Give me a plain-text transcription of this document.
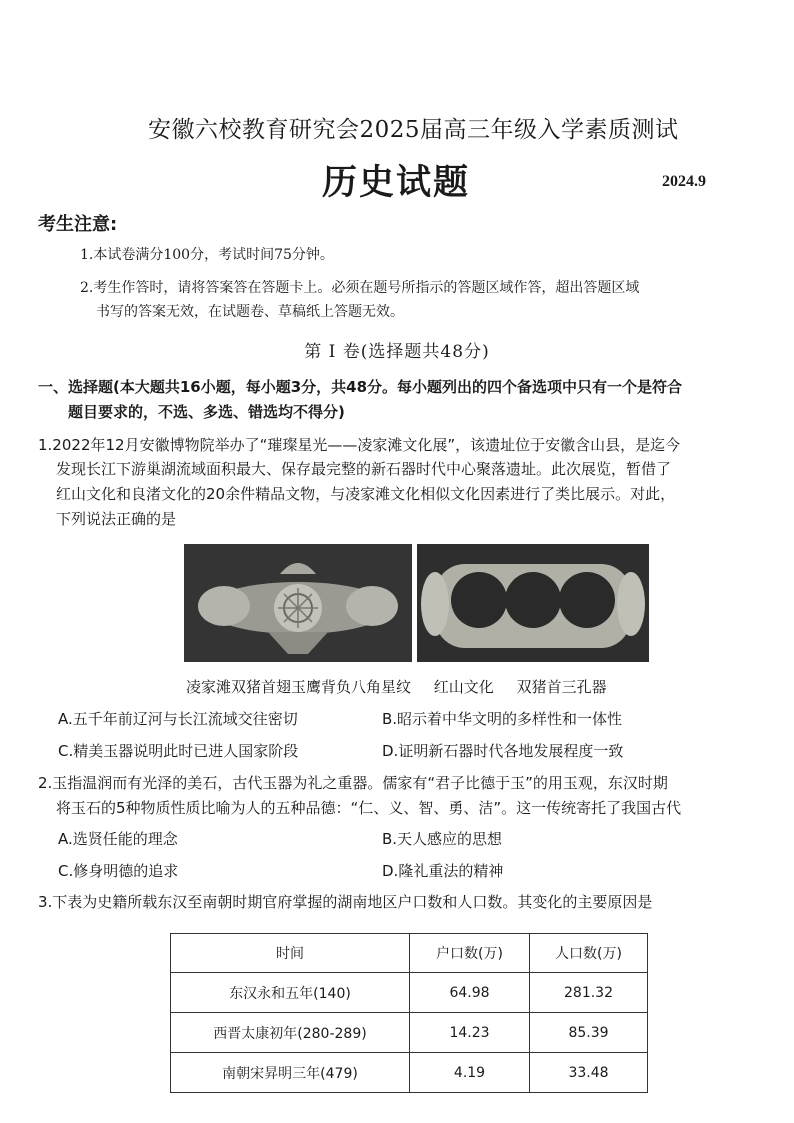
安徽六校教育研究会2025届高三年级入学素质测试
历史试题	2024.9
考生注意:
1.本试卷满分100分，考试时间75分钟。
2.考生作答时，请将答案答在答题卡上。必须在题号所指示的答题区域作答，超出答题区域
书写的答案无效，在试题卷、草稿纸上答题无效。
第 I 卷(选择题共48分)
一、选择题(本大题共16小题，每小题3分，共48分。每小题列出的四个备选项中只有一个是符合
题目要求的，不选、多选、错选均不得分)
1.2022年12月安徽博物院举办了“璀璨星光——凌家滩文化展”，该遗址位于安徽含山县，是迄今
发现长江下游巢湖流域面积最大、保存最完整的新石器时代中心聚落遗址。此次展览，暂借了
红山文化和良渚文化的20余件精品文物，与凌家滩文化相似文化因素进行了类比展示。对此，
下列说法正确的是
凌家滩双猪首翅玉鹰背负八角星纹 红山文化 双猪首三孔器
A.五千年前辽河与长江流域交往密切	B.昭示着中华文明的多样性和一体性
C.精美玉器说明此时已进人国家阶段	D.证明新石器时代各地发展程度一致
2.玉指温润而有光泽的美石，古代玉器为礼之重器。儒家有“君子比德于玉”的用玉观，东汉时期
将玉石的5种物质性质比喻为人的五种品德：“仁、义、智、勇、洁”。这一传统寄托了我国古代
A.选贤任能的理念	B.天人感应的思想
C.修身明德的追求	D.隆礼重法的精神
3.下表为史籍所载东汉至南朝时期官府掌握的湖南地区户口数和人口数。其变化的主要原因是
时间	户口数(万)	人口数(万)
东汉永和五年(140)	64.98	281.32
西晋太康初年(280-289)	14.23	85.39
南朝宋昇明三年(479)	4.19	33.48
